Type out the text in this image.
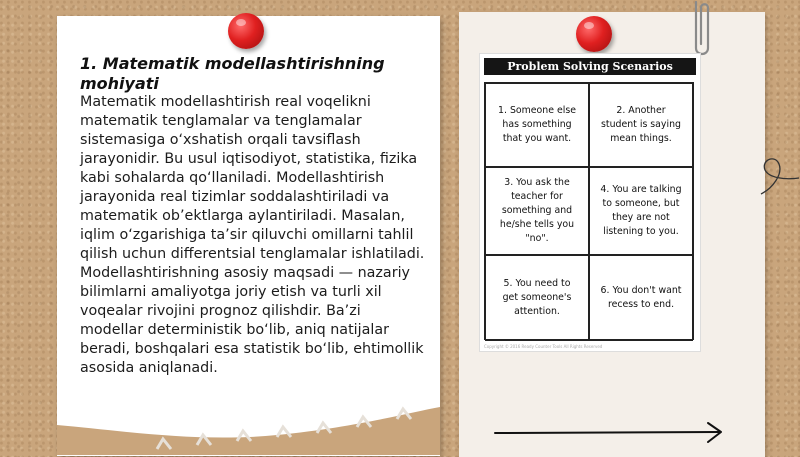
1. Matematik modellashtirishning mohiyati

Matematik modellashtirish real voqelikni matematik tenglamalar va tenglamalar sistemasiga o‘xshatish orqali tavsiflash jarayonidir. Bu usul iqtisodiyot, statistika, fizika kabi sohalarda qo‘llaniladi. Modellashtirish jarayonida real tizimlar soddalashtiriladi va matematik ob’ektlarga aylantiriladi. Masalan, iqlim o‘zgarishiga ta’sir qiluvchi omillarni tahlil qilish uchun differentsial tenglamalar ishlatiladi. Modellashtirishning asosiy maqsadi — nazariy bilimlarni amaliyotga joriy etish va turli xil voqealar rivojini prognoz qilishdir. Ba’zi modellar deterministik bo‘lib, aniq natijalar beradi, boshqalari esa statistik bo‘lib, ehtimollik asosida aniqlanadi.

Problem Solving Scenarios
1. Someone else has something that you want.
2. Another student is saying mean things.
3. You ask the teacher for something and he/she tells you "no".
4. You are talking to someone, but they are not listening to you.
5. You need to get someone's attention.
6. You don't want recess to end.
Copyright © 2016 Ready Counter Tools All Rights Reserved
